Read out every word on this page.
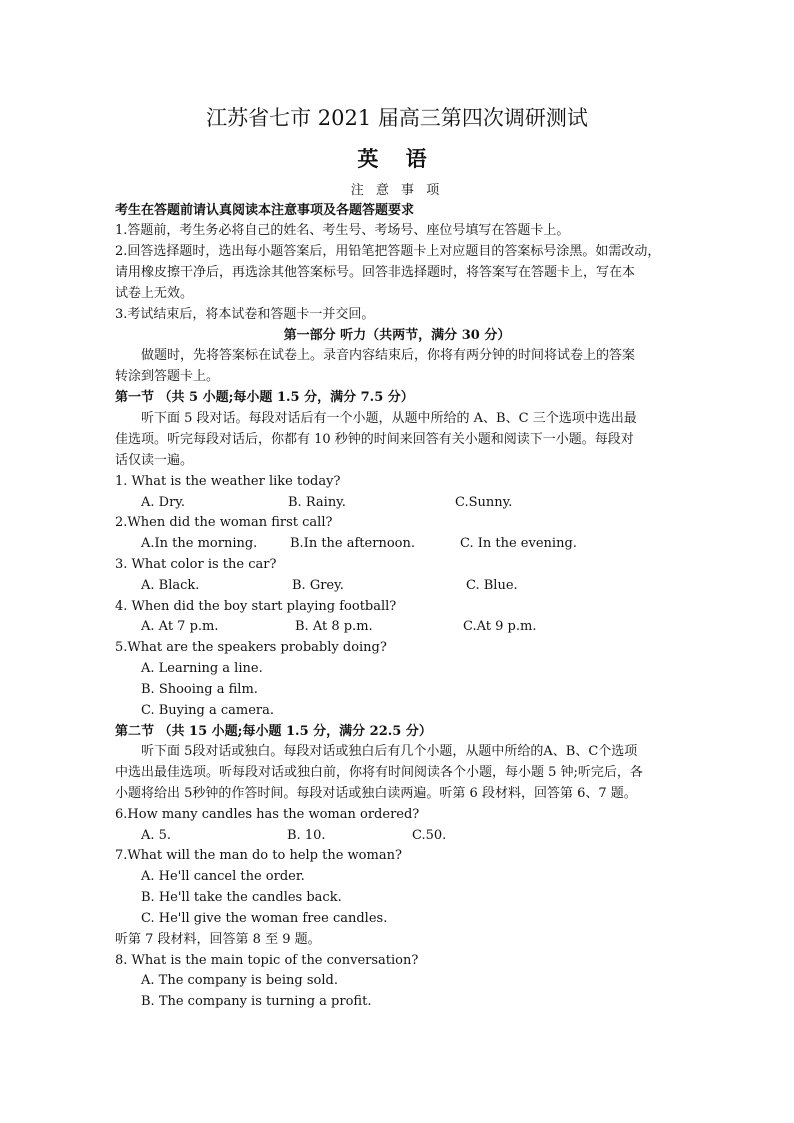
江苏省七市 2021 届高三第四次调研测试
英 语
注 意 事 项
考生在答题前请认真阅读本注意事项及各题答题要求
1.答题前，考生务必将自己的姓名、考生号、考场号、座位号填写在答题卡上。
2.回答选择题时，选出每小题答案后，用铅笔把答题卡上对应题目的答案标号涂黑。如需改动，
请用橡皮擦干净后，再选涂其他答案标号。回答非选择题时，将答案写在答题卡上，写在本
试卷上无效。
3.考试结束后，将本试卷和答题卡一并交回。
第一部分 听力（共两节，满分 30 分）
做题时，先将答案标在试卷上。录音内容结束后，你将有两分钟的时间将试卷上的答案
转涂到答题卡上。
第一节 （共 5 小题;每小题 1.5 分，满分 7.5 分）
听下面 5 段对话。每段对话后有一个小题，从题中所给的 A、B、C 三个选项中选出最
佳选项。听完每段对话后，你都有 10 秒钟的时间来回答有关小题和阅读下一小题。每段对
话仅读一遍。
1. What is the weather like today?
A. Dry.	B. Rainy.	C.Sunny.
2.When did the woman first call?
A.In the morning.	B.In the afternoon.	C. In the evening.
3. What color is the car?
A. Black.	B. Grey.	C. Blue.
4. When did the boy start playing football?
A. At 7 p.m.	B. At 8 p.m.	C.At 9 p.m.
5.What are the speakers probably doing?
A. Learning a line.
B. Shooing a film.
C. Buying a camera.
第二节 （共 15 小题;每小题 1.5 分，满分 22.5 分）
听下面 5段对话或独白。每段对话或独白后有几个小题，从题中所给的A、B、C个选项
中选出最佳选项。听每段对话或独白前，你将有时间阅读各个小题，每小题 5 钟;听完后，各
小题将给出 5秒钟的作答时间。每段对话或独白读两遍。听第 6 段材料，回答第 6、7 题。
6.How many candles has the woman ordered?
A. 5.	B. 10.	C.50.
7.What will the man do to help the woman?
A. He'll cancel the order.
B. He'll take the candles back.
C. He'll give the woman free candles.
听第 7 段材料，回答第 8 至 9 题。
8. What is the main topic of the conversation?
A. The company is being sold.
B. The company is turning a profit.
